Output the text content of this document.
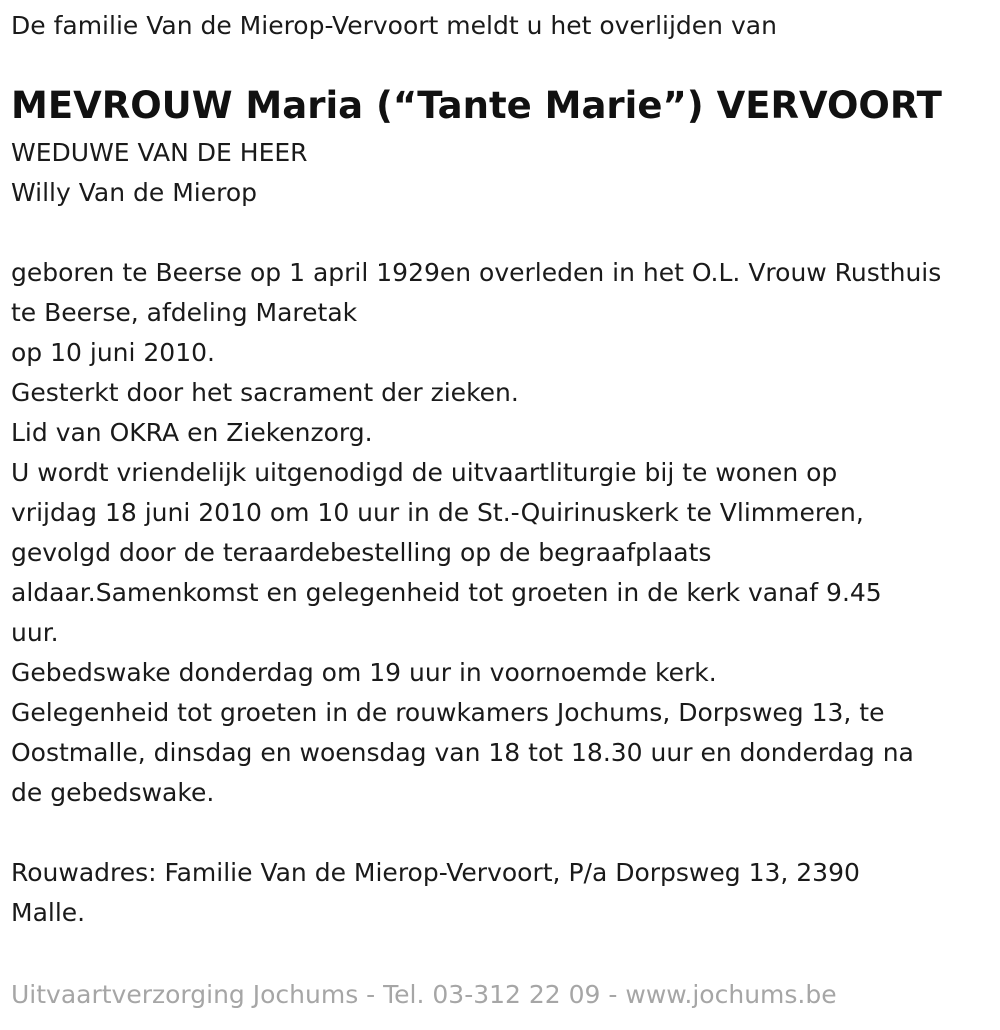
De familie Van de Mierop-Vervoort meldt u het overlijden van
MEVROUW Maria (“Tante Marie”) VERVOORT
WEDUWE VAN DE HEER
Willy Van de Mierop
geboren te Beerse op 1 april 1929en overleden in het O.L. Vrouw Rusthuis
te Beerse, afdeling Maretak
op 10 juni 2010.
Gesterkt door het sacrament der zieken.
Lid van OKRA en Ziekenzorg.
U wordt vriendelijk uitgenodigd de uitvaartliturgie bij te wonen op
vrijdag 18 juni 2010 om 10 uur in de St.-Quirinuskerk te Vlimmeren,
gevolgd door de teraardebestelling op de begraafplaats
aldaar.Samenkomst en gelegenheid tot groeten in de kerk vanaf 9.45
uur.
Gebedswake donderdag om 19 uur in voornoemde kerk.
Gelegenheid tot groeten in de rouwkamers Jochums, Dorpsweg 13, te
Oostmalle, dinsdag en woensdag van 18 tot 18.30 uur en donderdag na
de gebedswake.
Rouwadres: Familie Van de Mierop-Vervoort, P/a Dorpsweg 13, 2390
Malle.
Uitvaartverzorging Jochums - Tel. 03-312 22 09 - www.jochums.be
